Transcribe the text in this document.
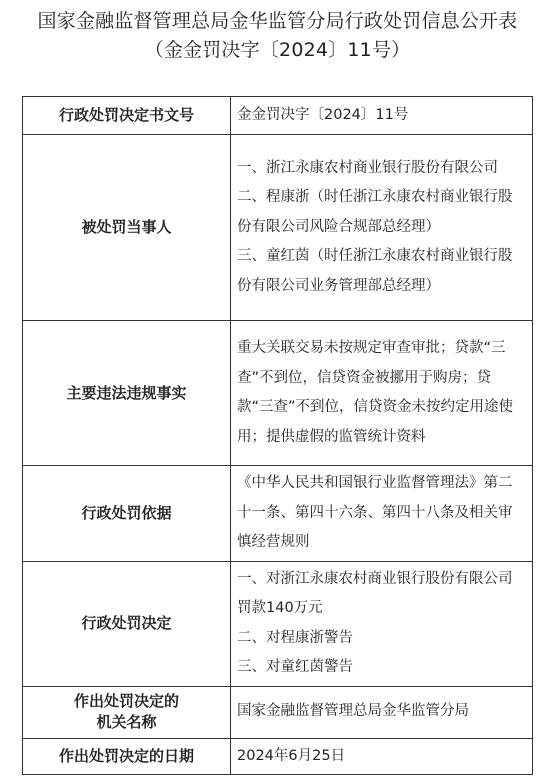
国家金融监督管理总局金华监管分局行政处罚信息公开表
（金金罚决字〔2024〕11号）
行政处罚决定书文号	金金罚决字〔2024〕11号

被处罚当事人	一、浙江永康农村商业银行股份有限公司
二、程康浙（时任浙江永康农村商业银行股份有限公司风险合规部总经理）
三、童红茵（时任浙江永康农村商业银行股份有限公司业务管理部总经理）

主要违法违规事实	重大关联交易未按规定审查审批；贷款“三查”不到位，信贷资金被挪用于购房；贷款“三查”不到位，信贷资金未按约定用途使用；提供虚假的监管统计资料

行政处罚依据	《中华人民共和国银行业监督管理法》第二十一条、第四十六条、第四十八条及相关审慎经营规则

行政处罚决定	一、对浙江永康农村商业银行股份有限公司罚款140万元
二、对程康浙警告
三、对童红茵警告

作出处罚决定的
机关名称	国家金融监督管理总局金华监管分局

作出处罚决定的日期	2024年6月25日
